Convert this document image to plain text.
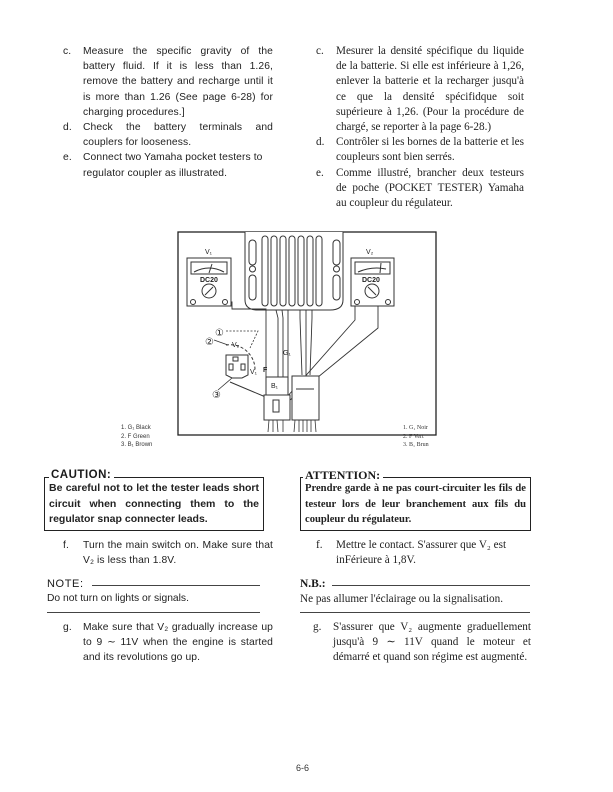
c. Measure the specific gravity of the battery fluid. If it is less than 1.26, remove the battery and recharge until it is more than 1.26 (See page 6-28) for charging procedures.]

d. Check the battery terminals and couplers for looseness.

e. Connect two Yamaha pocket testers to regulator coupler as illustrated.

c. Mesurer la densité spécifique du liquide de la batterie. Si elle est inférieure à 1,26, enlever la batterie et la recharger jusqu'à ce que la densité spécifidque soit supérieure à 1,26. (Pour la procédure de chargé, se reporter à la page 6-28.)

d. Contrôler si les bornes de la batterie et les coupleurs sont bien serrés.

e. Comme illustré, brancher deux testeurs de poche (POCKET TESTER) Yamaha au coupleur du régulateur.

V₁
DC20
V₂
DC20
①
②
③
V₂
V₁
G₁
F
B₁
1. G₁ Black
2. F Green
3. B₁ Brown
1. G₁ Noir
2. F Vert
3. B₁ Brun
CAUTION:
Be careful not to let the tester leads short circuit when connecting them to the regulator snap connecter leads.
ATTENTION:
Prendre garde à ne pas court-circuiter les fils de testeur lors de leur branchement aux fils du coupleur du régulateur.

f. Turn the main switch on. Make sure that V₂ is less than 1.8V.

f. Mettre le contact. S'assurer que V₂ est inFérieure à 1,8V.

NOTE:
Do not turn on lights or signals.
N.B.:
Ne pas allumer l'éclairage ou la signalisation.

g. Make sure that V₂ gradually increase up to 9 ∼ 11V when the engine is started and its revolutions go up.

g. S'assurer que V₂ augmente graduellement jusqu'à 9 ∼ 11V quand le moteur et démarré et quand son régime est augmenté.

6-6
